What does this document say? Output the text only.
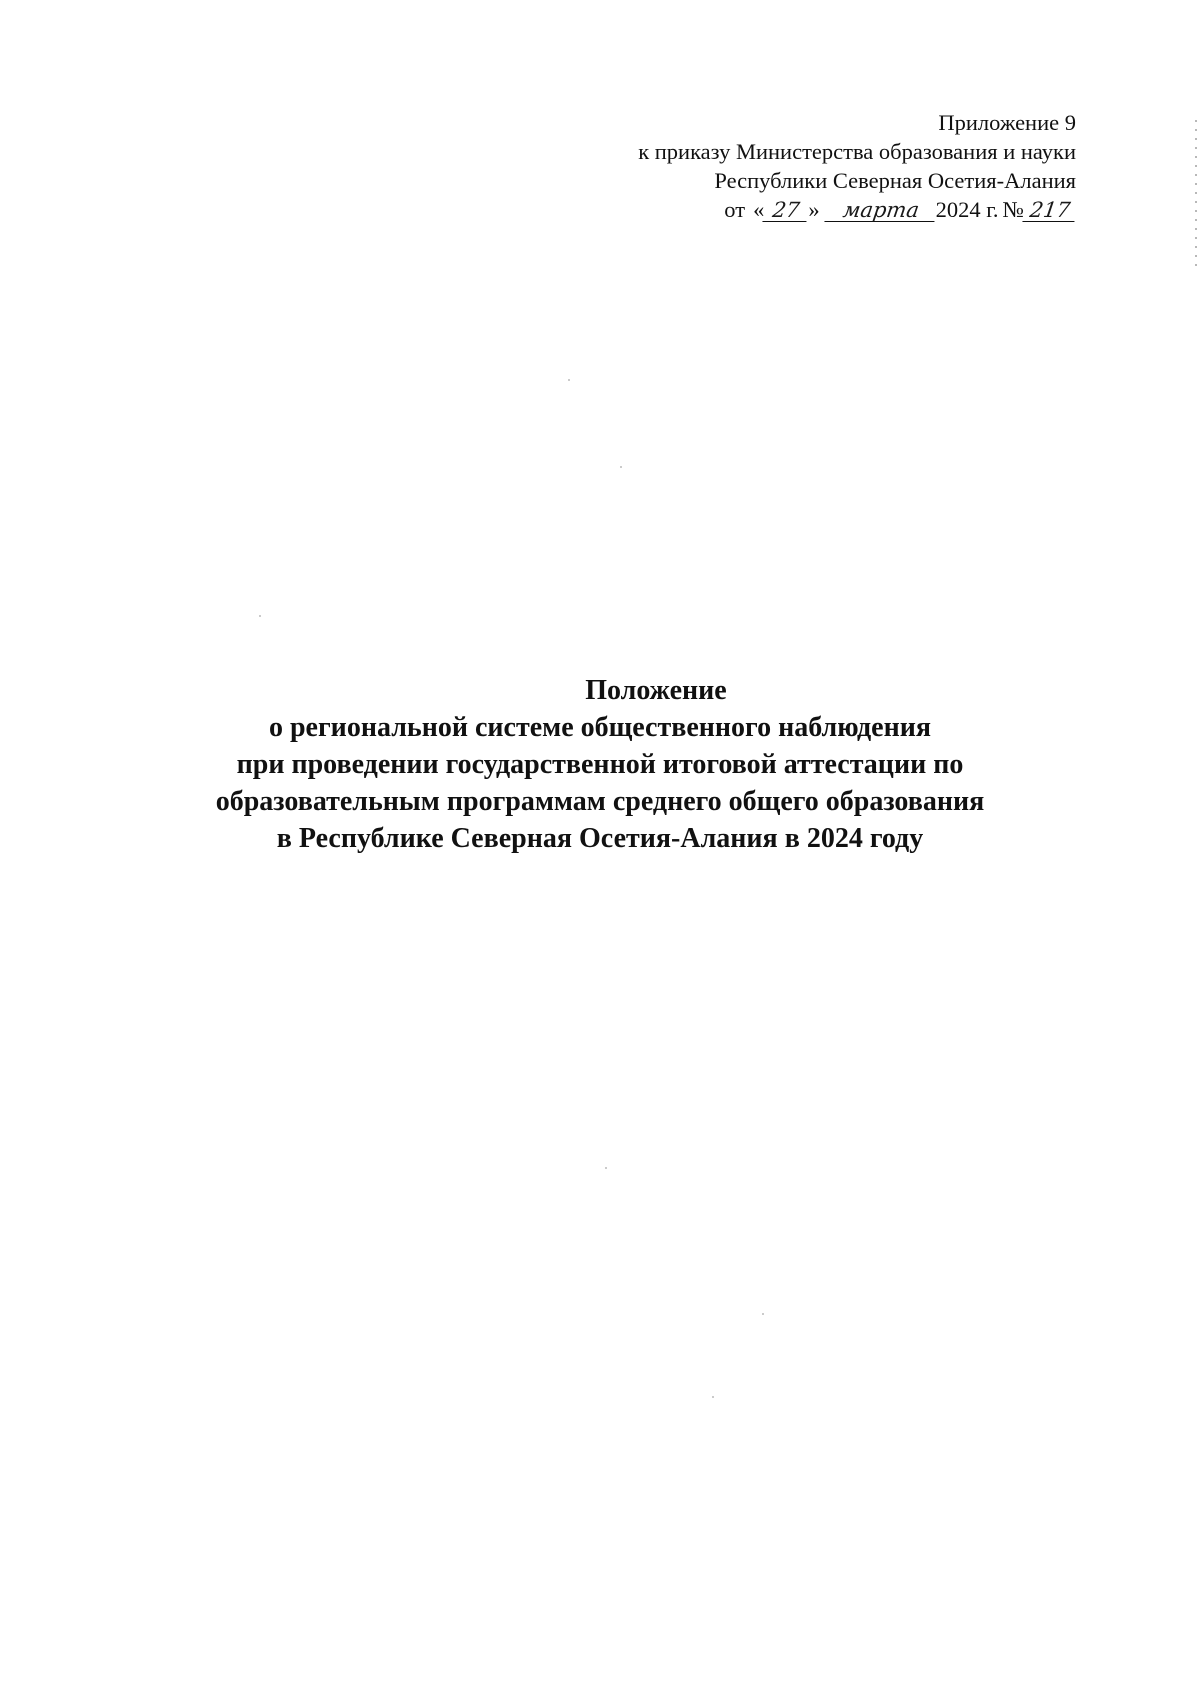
Приложение 9
к приказу Министерства образования и науки
Республики Северная Осетия-Алания
от « 27 »	марта 2024 г. № 217
Положение
о региональной системе общественного наблюдения
при проведении государственной итоговой аттестации по
образовательным программам среднего общего образования
в Республике Северная Осетия-Алания в 2024 году
